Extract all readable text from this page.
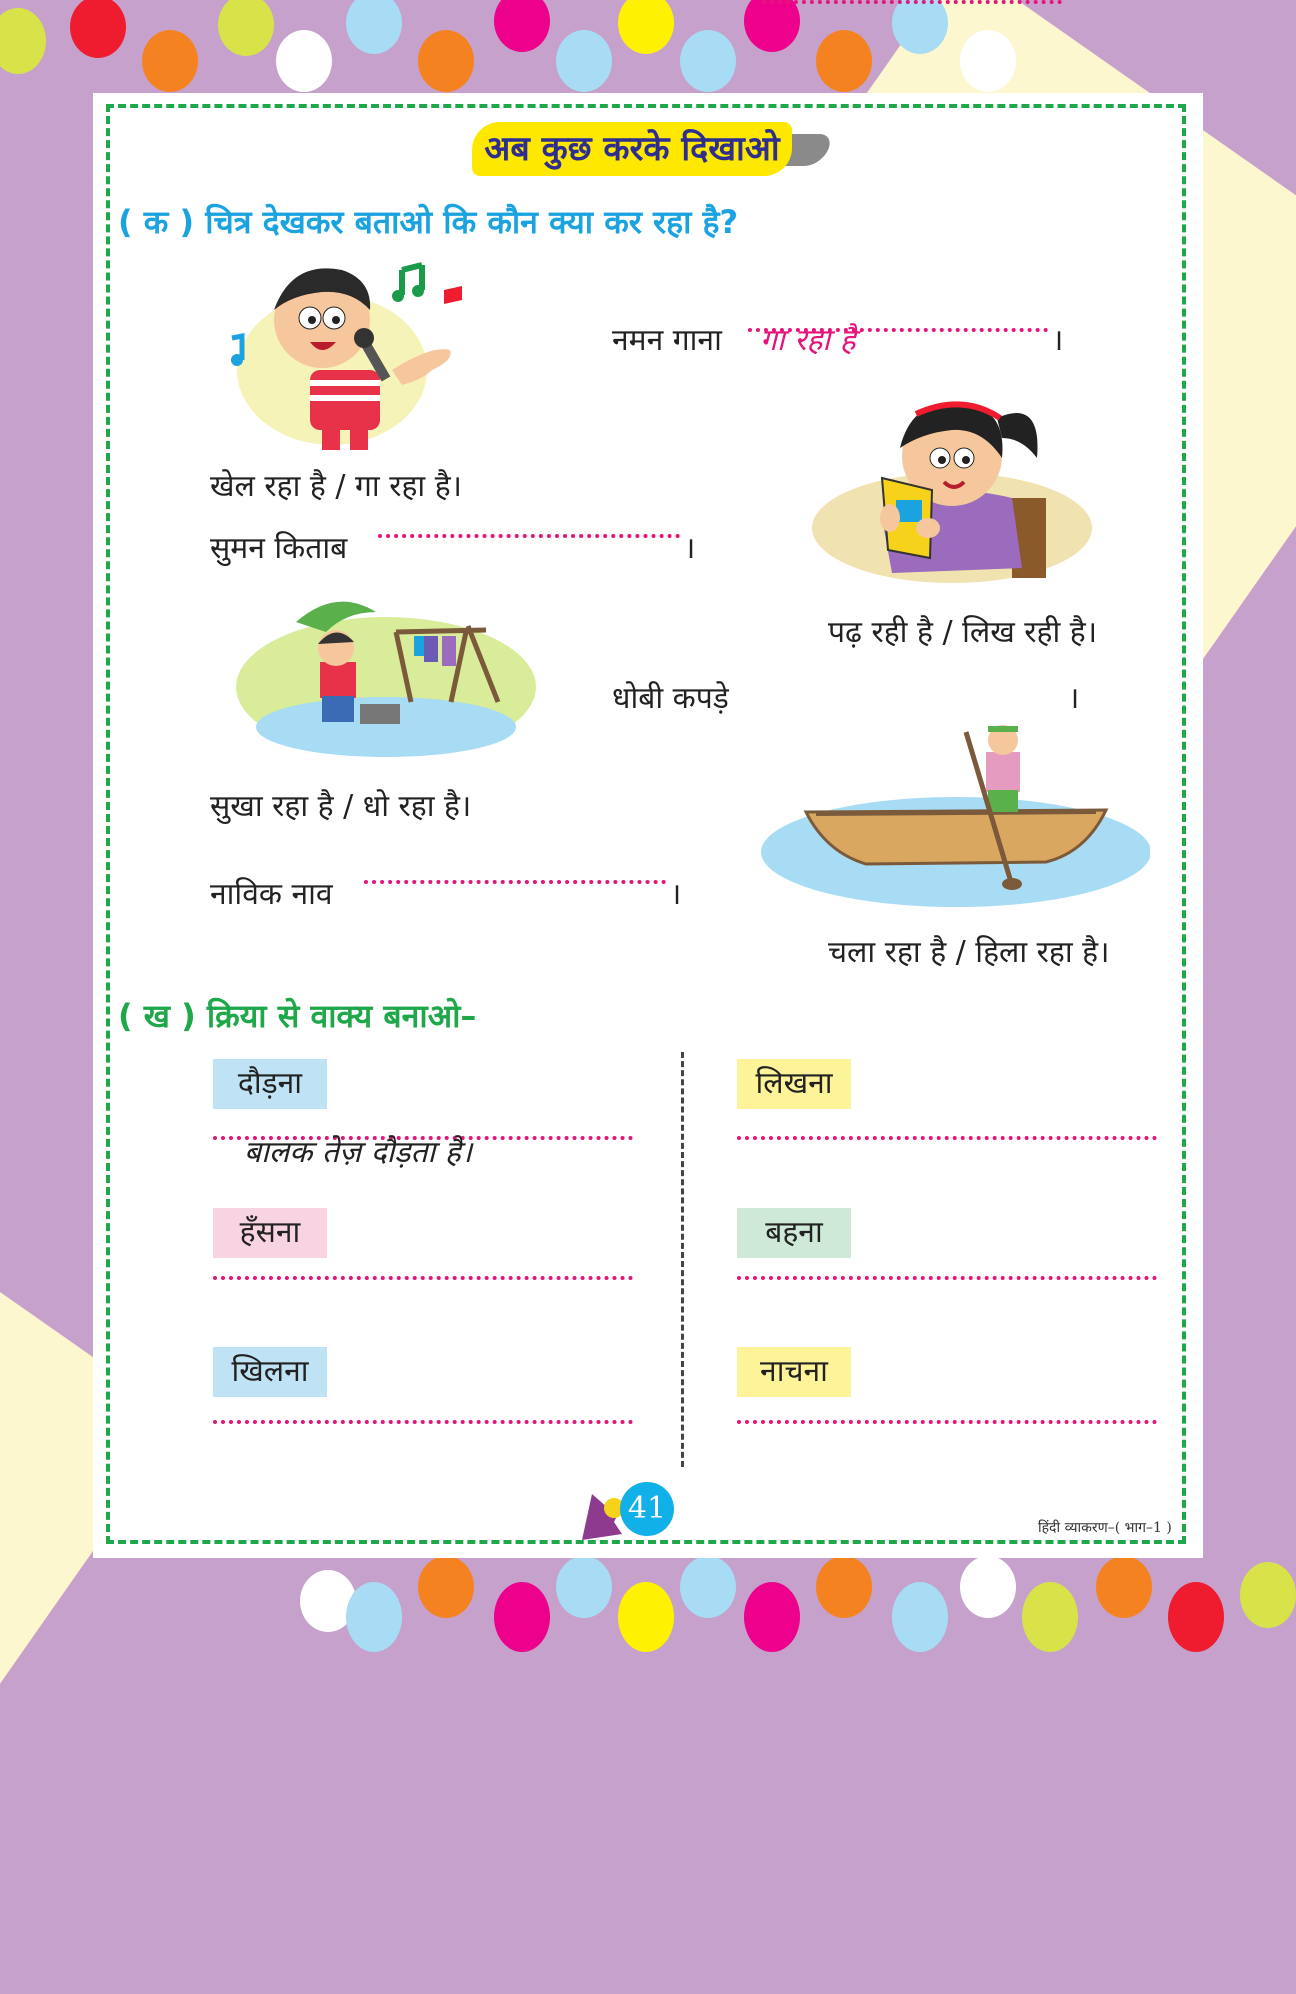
अब कुछ करके दिखाओ
( क ) चित्र देखकर बताओ कि कौन क्या कर रहा है?
नमन गाना गा रहा है	।
खेल रहा है / गा रहा है।
सुमन किताब	।
पढ़ रही है / लिख रही है।
धोबी कपड़े	।
सुखा रहा है / धो रहा है।
नाविक नाव	।
चला रहा है / हिला रहा है।
( ख ) क्रिया से वाक्य बनाओ–
दौड़ना
बालक तेज़ दौड़ता है।
लिखना
हँसना	बहना
खिलना	नाचना
41
हिंदी व्याकरण–( भाग–1 )
